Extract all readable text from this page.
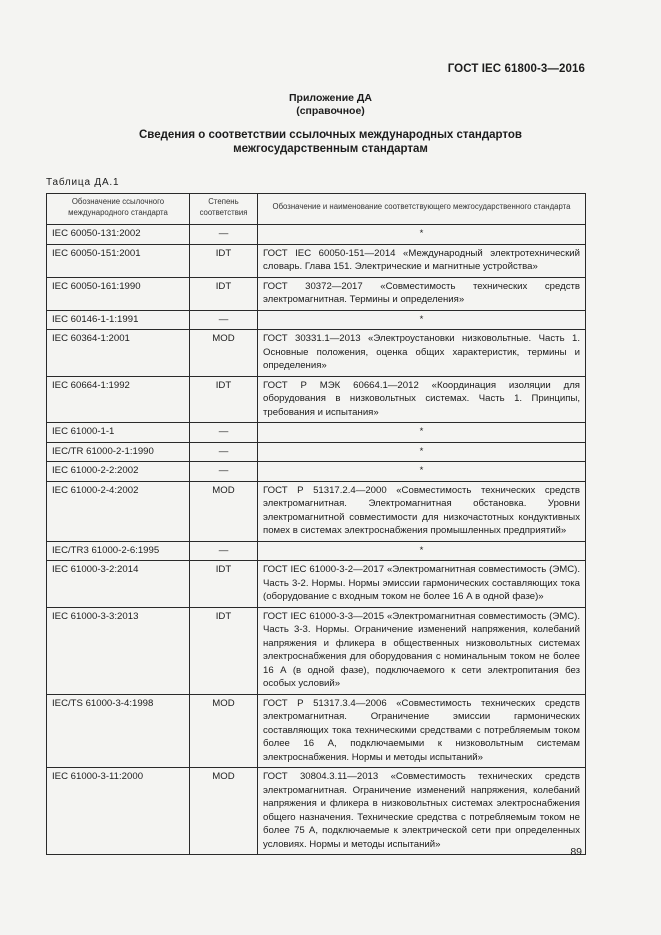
ГОСТ IEC 61800-3—2016
Приложение ДА
(справочное)
Сведения о соответствии ссылочных международных стандартов
межгосударственным стандартам
Таблица ДА.1
Обозначение ссылочного международного стандарта	Степень соответствия	Обозначение и наименование соответствующего межгосударственного стандарта
IEC 60050-131:2002	—	*
IEC 60050-151:2001	IDT	ГОСТ IEC 60050-151—2014 «Международный электротехнический словарь. Глава 151. Электрические и магнитные устройства»
IEC 60050-161:1990	IDT	ГОСТ 30372—2017 «Совместимость технических средств электромагнитная. Термины и определения»
IEC 60146-1-1:1991	—	*
IEC 60364-1:2001	MOD	ГОСТ 30331.1—2013 «Электроустановки низковольтные. Часть 1. Основные положения, оценка общих характеристик, термины и определения»
IEC 60664-1:1992	IDT	ГОСТ Р МЭК 60664.1—2012 «Координация изоляции для оборудования в низковольтных системах. Часть 1. Принципы, требования и испытания»
IEC 61000-1-1	—	*
IEC/TR 61000-2-1:1990	—	*
IEC 61000-2-2:2002	—	*
IEC 61000-2-4:2002	MOD	ГОСТ Р 51317.2.4—2000 «Совместимость технических средств электромагнитная. Электромагнитная обстановка. Уровни электромагнитной совместимости для низкочастотных кондуктивных помех в системах электроснабжения промышленных предприятий»
IEC/TR3 61000-2-6:1995	—	*
IEC 61000-3-2:2014	IDT	ГОСТ IEC 61000-3-2—2017 «Электромагнитная совместимость (ЭМС). Часть 3-2. Нормы. Нормы эмиссии гармонических составляющих тока (оборудование с входным током не более 16 А в одной фазе)»
IEC 61000-3-3:2013	IDT	ГОСТ IEC 61000-3-3—2015 «Электромагнитная совместимость (ЭМС). Часть 3-3. Нормы. Ограничение изменений напряжения, колебаний напряжения и фликера в общественных низковольтных системах электроснабжения для оборудования с номинальным током не более 16 А (в одной фазе), подключаемого к сети электропитания без особых условий»
IEC/TS 61000-3-4:1998	MOD	ГОСТ Р 51317.3.4—2006 «Совместимость технических средств электромагнитная. Ограничение эмиссии гармонических составляющих тока техническими средствами с потребляемым током более 16 А, подключаемыми к низковольтным системам электроснабжения. Нормы и методы испытаний»
IEC 61000-3-11:2000	MOD	ГОСТ 30804.3.11—2013 «Совместимость технических средств электромагнитная. Ограничение изменений напряжения, колебаний напряжения и фликера в низковольтных системах электроснабжения общего назначения. Технические средства с потребляемым током не более 75 А, подключаемые к электрической сети при определенных условиях. Нормы и методы испытаний»
89
